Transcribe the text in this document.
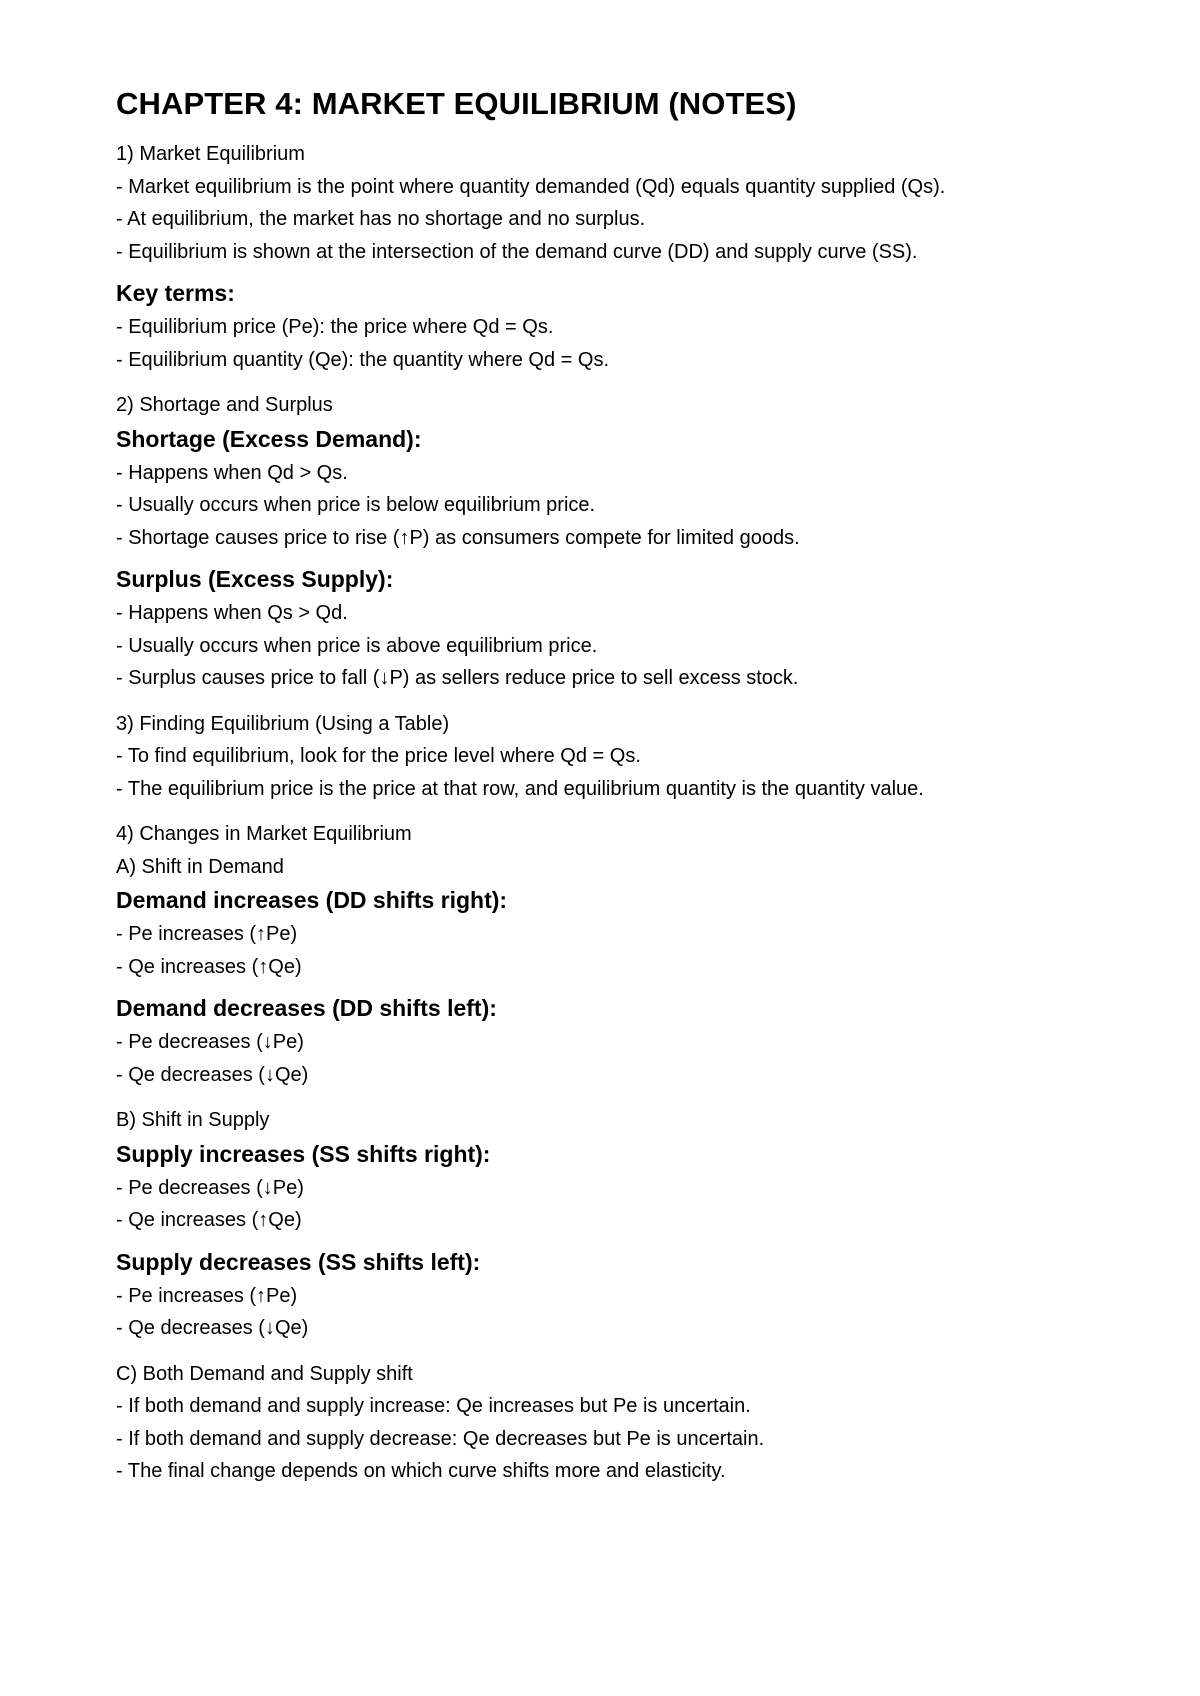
CHAPTER 4: MARKET EQUILIBRIUM (NOTES)
1) Market Equilibrium
- Market equilibrium is the point where quantity demanded (Qd) equals quantity supplied (Qs).
- At equilibrium, the market has no shortage and no surplus.
- Equilibrium is shown at the intersection of the demand curve (DD) and supply curve (SS).
Key terms:
- Equilibrium price (Pe): the price where Qd = Qs.
- Equilibrium quantity (Qe): the quantity where Qd = Qs.
2) Shortage and Surplus
Shortage (Excess Demand):
- Happens when Qd > Qs.
- Usually occurs when price is below equilibrium price.
- Shortage causes price to rise (↑P) as consumers compete for limited goods.
Surplus (Excess Supply):
- Happens when Qs > Qd.
- Usually occurs when price is above equilibrium price.
- Surplus causes price to fall (↓P) as sellers reduce price to sell excess stock.
3) Finding Equilibrium (Using a Table)
- To find equilibrium, look for the price level where Qd = Qs.
- The equilibrium price is the price at that row, and equilibrium quantity is the quantity value.
4) Changes in Market Equilibrium
A) Shift in Demand
Demand increases (DD shifts right):
- Pe increases (↑Pe)
- Qe increases (↑Qe)
Demand decreases (DD shifts left):
- Pe decreases (↓Pe)
- Qe decreases (↓Qe)
B) Shift in Supply
Supply increases (SS shifts right):
- Pe decreases (↓Pe)
- Qe increases (↑Qe)
Supply decreases (SS shifts left):
- Pe increases (↑Pe)
- Qe decreases (↓Qe)
C) Both Demand and Supply shift
- If both demand and supply increase: Qe increases but Pe is uncertain.
- If both demand and supply decrease: Qe decreases but Pe is uncertain.
- The final change depends on which curve shifts more and elasticity.
